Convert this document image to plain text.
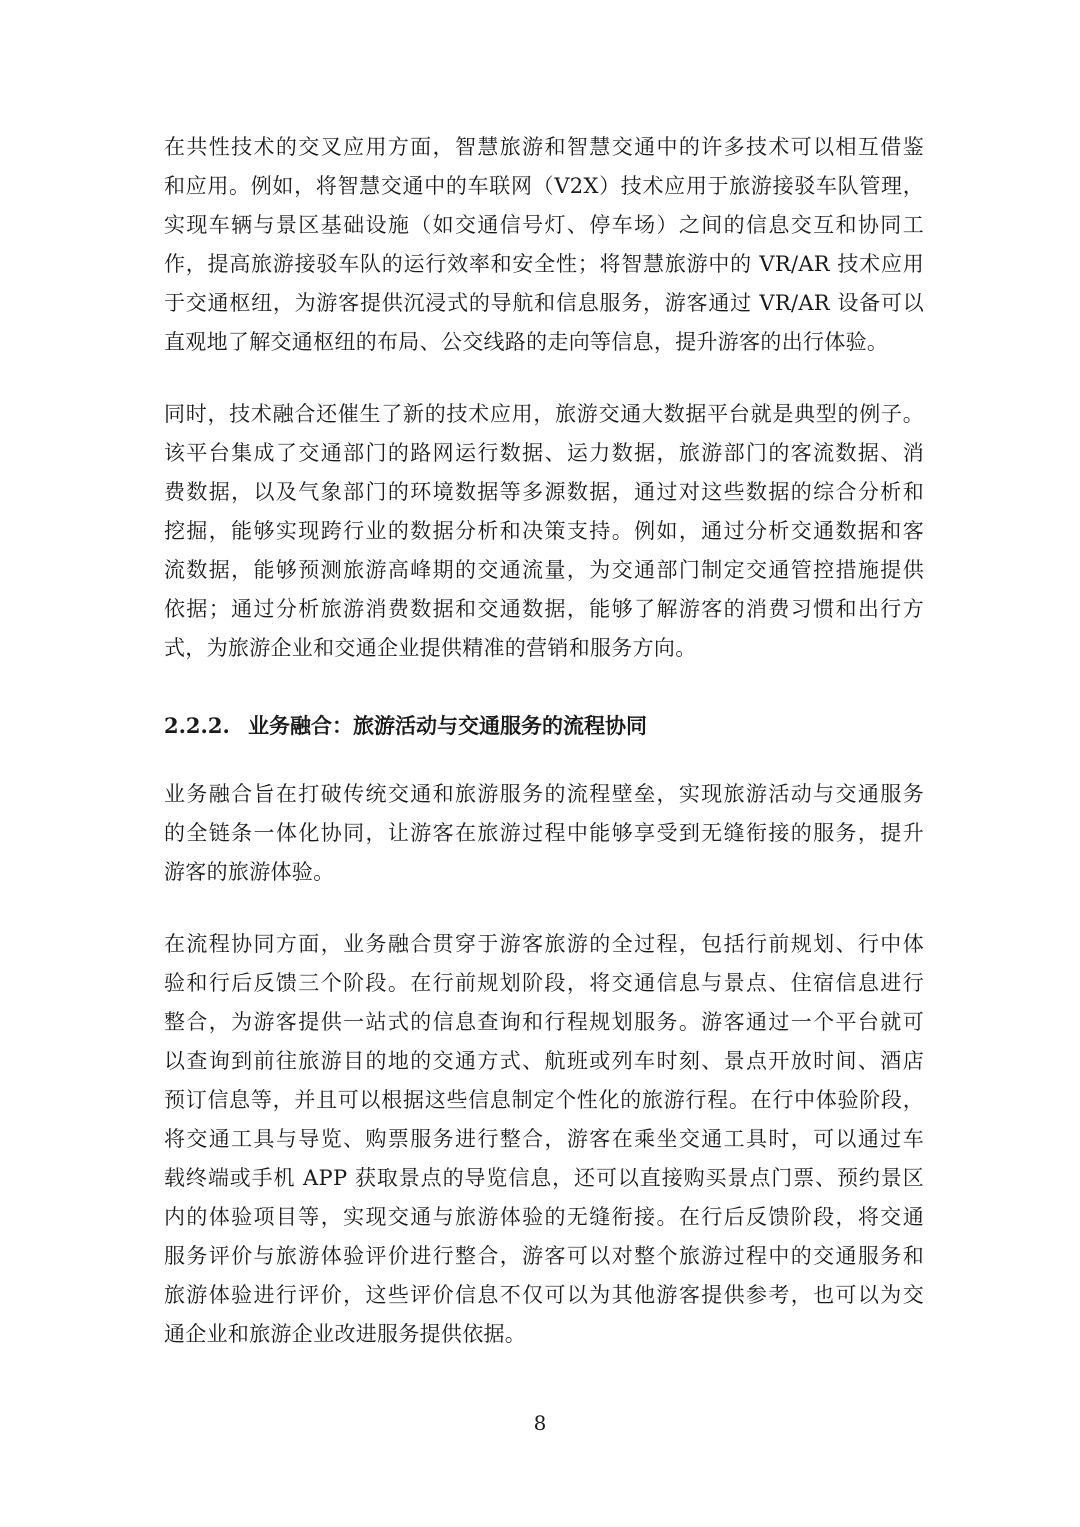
在共性技术的交叉应用方面，智慧旅游和智慧交通中的许多技术可以相互借鉴
和应用。例如，将智慧交通中的车联网（V2X）技术应用于旅游接驳车队管理，
实现车辆与景区基础设施（如交通信号灯、停车场）之间的信息交互和协同工
作，提高旅游接驳车队的运行效率和安全性；将智慧旅游中的 VR/AR 技术应用
于交通枢纽，为游客提供沉浸式的导航和信息服务，游客通过 VR/AR 设备可以
直观地了解交通枢纽的布局、公交线路的走向等信息，提升游客的出行体验。
同时，技术融合还催生了新的技术应用，旅游交通大数据平台就是典型的例子。
该平台集成了交通部门的路网运行数据、运力数据，旅游部门的客流数据、消
费数据，以及气象部门的环境数据等多源数据，通过对这些数据的综合分析和
挖掘，能够实现跨行业的数据分析和决策支持。例如，通过分析交通数据和客
流数据，能够预测旅游高峰期的交通流量，为交通部门制定交通管控措施提供
依据；通过分析旅游消费数据和交通数据，能够了解游客的消费习惯和出行方
式，为旅游企业和交通企业提供精准的营销和服务方向。
2.2.2. 业务融合：旅游活动与交通服务的流程协同
业务融合旨在打破传统交通和旅游服务的流程壁垒，实现旅游活动与交通服务
的全链条一体化协同，让游客在旅游过程中能够享受到无缝衔接的服务，提升
游客的旅游体验。
在流程协同方面，业务融合贯穿于游客旅游的全过程，包括行前规划、行中体
验和行后反馈三个阶段。在行前规划阶段，将交通信息与景点、住宿信息进行
整合，为游客提供一站式的信息查询和行程规划服务。游客通过一个平台就可
以查询到前往旅游目的地的交通方式、航班或列车时刻、景点开放时间、酒店
预订信息等，并且可以根据这些信息制定个性化的旅游行程。在行中体验阶段，
将交通工具与导览、购票服务进行整合，游客在乘坐交通工具时，可以通过车
载终端或手机 APP 获取景点的导览信息，还可以直接购买景点门票、预约景区
内的体验项目等，实现交通与旅游体验的无缝衔接。在行后反馈阶段，将交通
服务评价与旅游体验评价进行整合，游客可以对整个旅游过程中的交通服务和
旅游体验进行评价，这些评价信息不仅可以为其他游客提供参考，也可以为交
通企业和旅游企业改进服务提供依据。
8
